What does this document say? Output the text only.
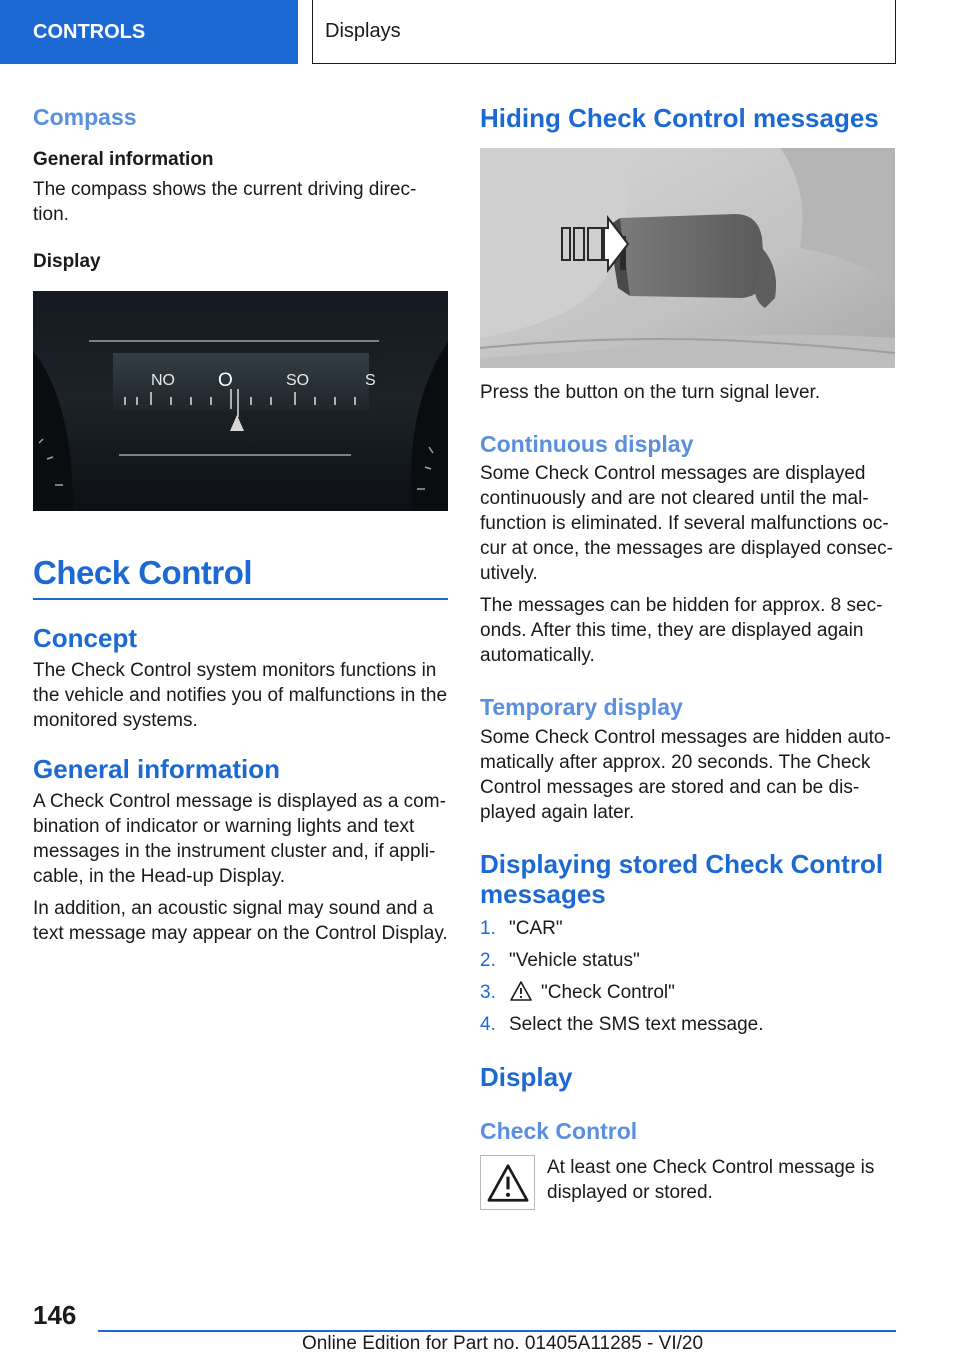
CONTROLS	Displays
Compass
General information

The compass shows the current driving direc-tion.

Display
NO O	SO	S
Check Control
Concept

The Check Control system monitors functions in the vehicle and notifies you of malfunctions in the monitored systems.

General information

A Check Control message is displayed as a com-bination of indicator or warning lights and text messages in the instrument cluster and, if appli-cable, in the Head-up Display.

In addition, an acoustic signal may sound and a text message may appear on the Control Display.

Hiding Check Control messages

Press the button on the turn signal lever.

Continuous display

Some Check Control messages are displayed continuously and are not cleared until the mal-function is eliminated. If several malfunctions oc-cur at once, the messages are displayed consec-utively.

The messages can be hidden for approx. 8 sec-onds. After this time, they are displayed again automatically.

Temporary display

Some Check Control messages are hidden auto-matically after approx. 20 seconds. The Check Control messages are stored and can be dis-played again later.

Displaying stored Check Control messages
1. "CAR"
2. "Vehicle status"
3.	"Check Control"
4. Select the SMS text message.
Display
Check Control

At least one Check Control message is displayed or stored.

146
Online Edition for Part no. 01405A11285 - VI/20
